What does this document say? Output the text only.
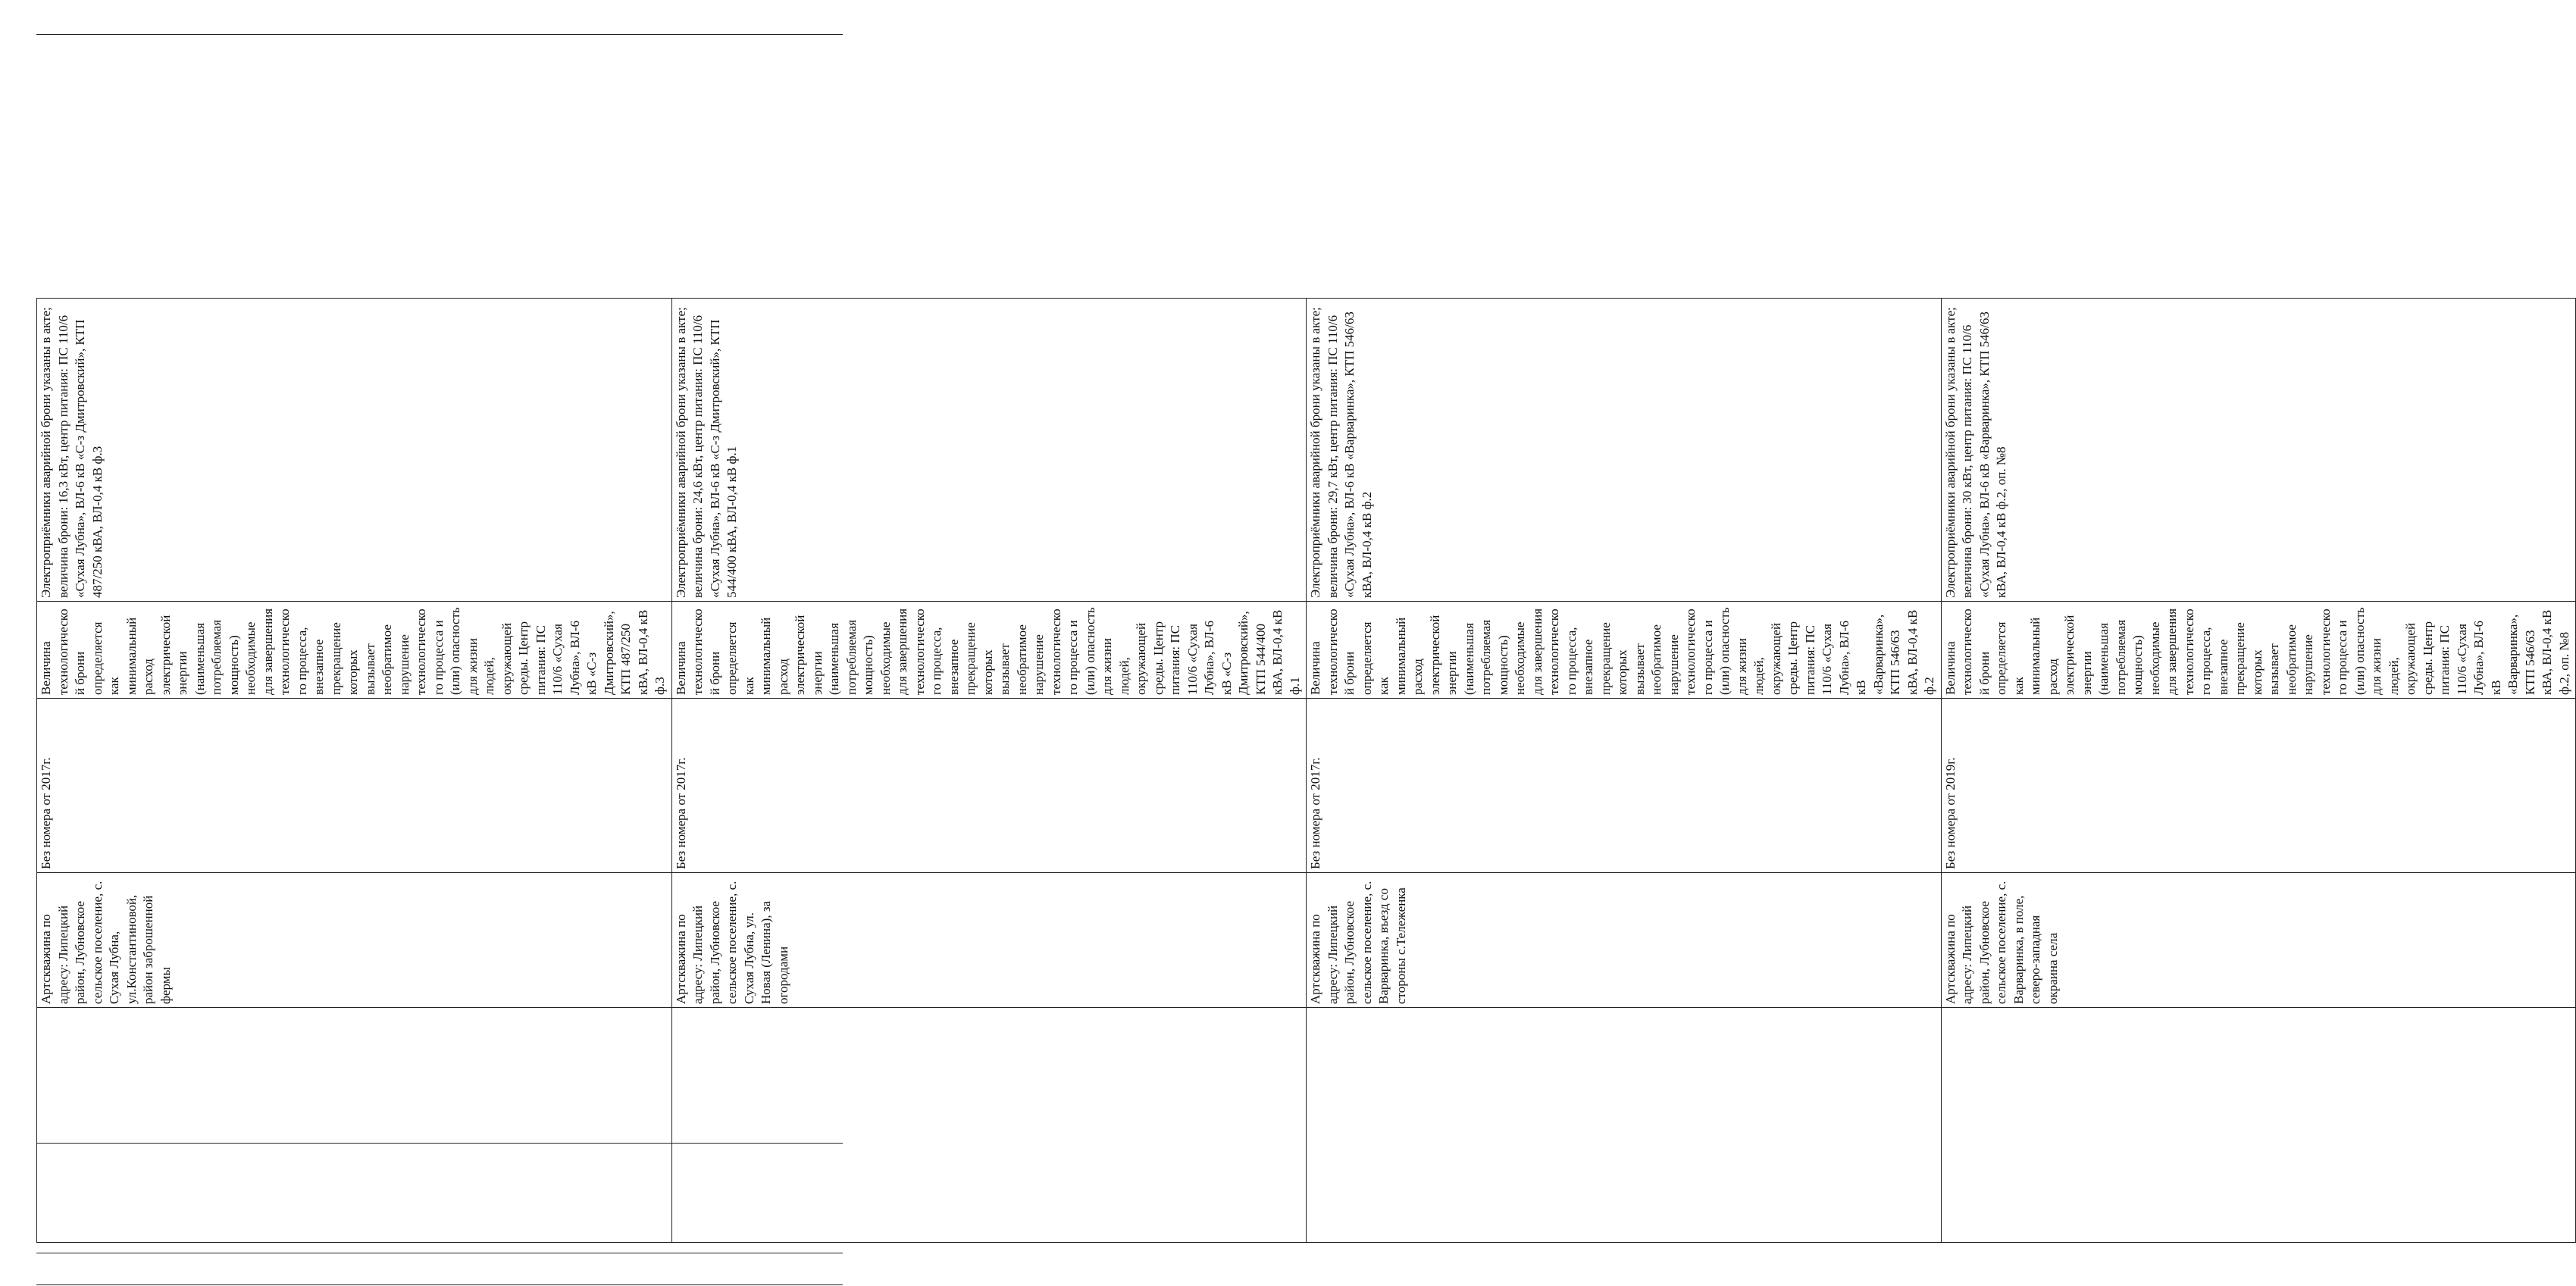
	Артскважина по адресу: Липецкий район, Лубновское сельское поселение, с. Сухая Лубна, ул.Константиновой, район заброшенной фермы	Без номера от 2017г.	Величина технологической брони определяется как минимальный расход электрической энергии (наименьшая потребляемая мощность) необходимые для завершения технологического процесса, внезапное прекращение которых вызывает необратимое нарушение технологического процесса и (или) опасность для жизни людей, окружающей среды. Центр питания: ПС 110/6 «Сухая Лубна», ВЛ-6 кВ «С-з Дмитровский», КТП 487/250 кВА, ВЛ-0,4 кВ ф.3	Электроприёмники аварийной брони указаны в акте; величина брони: 16,3 кВт, центр питания: ПС 110/6 «Сухая Лубна», ВЛ-6 кВ «С-з Дмитровский», КТП 487/250 кВА, ВЛ-0,4 кВ ф.3
	Артскважина по адресу: Липецкий район, Лубновское сельское поселение, с. Сухая Лубна, ул. Новая (Ленина), за огородами	Без номера от 2017г.	Величина технологической брони определяется как минимальный расход электрической энергии (наименьшая потребляемая мощность) необходимые для завершения технологического процесса, внезапное прекращение которых вызывает необратимое нарушение технологического процесса и (или) опасность для жизни людей, окружающей среды. Центр питания: ПС 110/6 «Сухая Лубна», ВЛ-6 кВ «С-з Дмитровский», КТП 544/400 кВА, ВЛ-0,4 кВ ф.1	Электроприёмники аварийной брони указаны в акте; величина брони: 24,6 кВт, центр питания: ПС 110/6 «Сухая Лубна», ВЛ-6 кВ «С-з Дмитровский», КТП 544/400 кВА, ВЛ-0,4 кВ ф.1
	Артскважина по адресу: Липецкий район, Лубновское сельское поселение, с. Варваринка, въезд со стороны с.Тележенка	Без номера от 2017г.	Величина технологической брони определяется как минимальный расход электрической энергии (наименьшая потребляемая мощность) необходимые для завершения технологического процесса, внезапное прекращение которых вызывает необратимое нарушение технологического процесса и (или) опасность для жизни людей, окружающей среды. Центр питания: ПС 110/6 «Сухая Лубна», ВЛ-6 кВ «Варваринка», КТП 546/63 кВА, ВЛ-0,4 кВ ф.2	Электроприёмники аварийной брони указаны в акте; величина брони: 29,7 кВт, центр питания: ПС 110/6 «Сухая Лубна», ВЛ-6 кВ «Варваринка», КТП 546/63 кВА, ВЛ-0,4 кВ ф.2
	Артскважина по адресу: Липецкий район, Лубновское сельское поселение, с. Варваринка, в поле, северо-западная окраина села	Без номера от 2019г.	Величина технологической брони определяется как минимальный расход электрической энергии (наименьшая потребляемая мощность) необходимые для завершения технологического процесса, внезапное прекращение которых вызывает необратимое нарушение технологического процесса и (или) опасность для жизни людей, окружающей среды. Центр питания: ПС 110/6 «Сухая Лубна», ВЛ-6 кВ «Варваринка», КТП 546/63 кВА, ВЛ-0,4 кВ ф.2, оп. №8	Электроприёмники аварийной брони указаны в акте; величина брони: 30 кВт, центр питания: ПС 110/6 «Сухая Лубна», ВЛ-6 кВ «Варваринка», КТП 546/63 кВА, ВЛ-0,4 кВ ф.2, оп. №8
